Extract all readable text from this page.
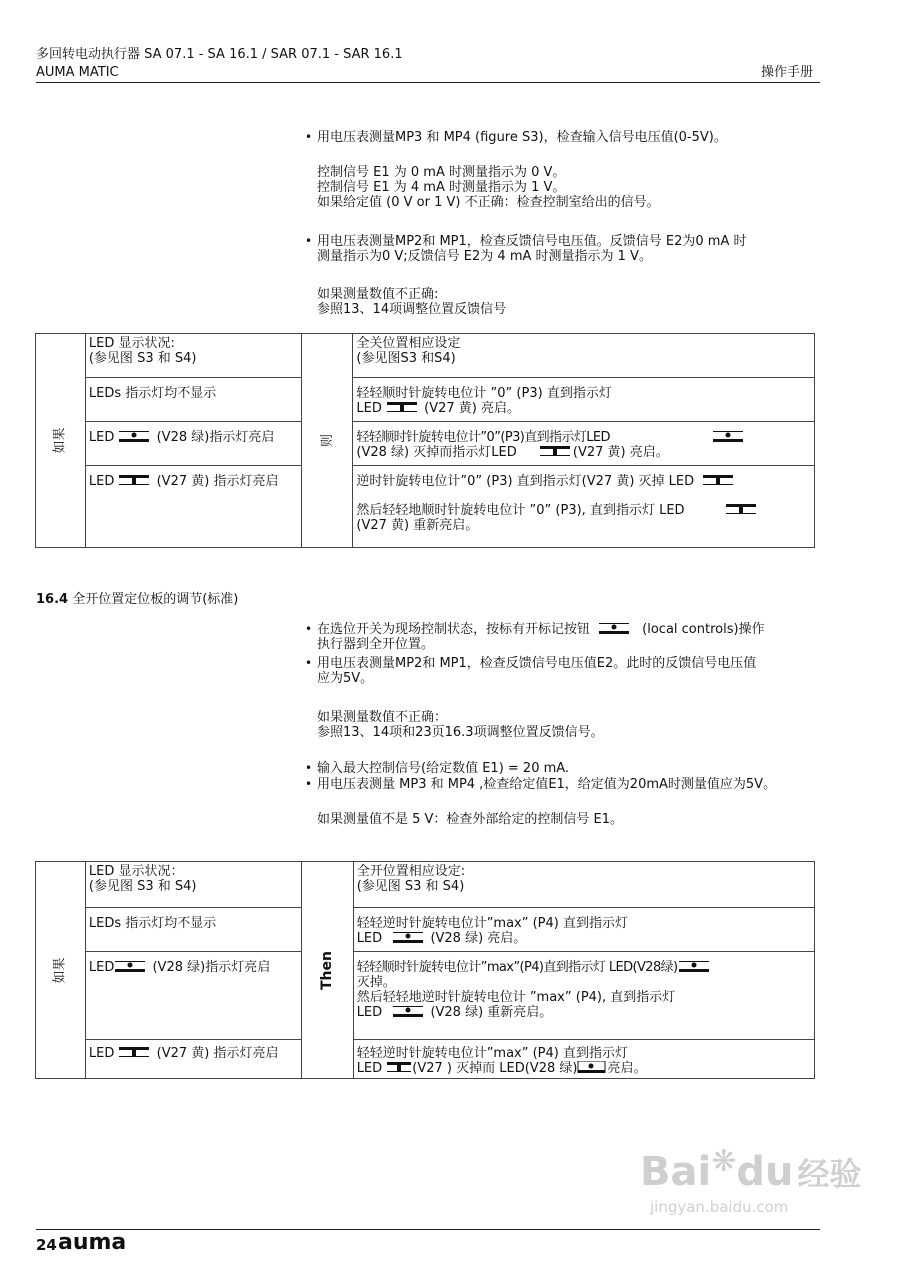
多回转电动执行器 SA 07.1 - SA 16.1 / SAR 07.1 - SAR 16.1
AUMA MATIC	操作手册
• 用电压表测量MP3 和 MP4 (figure S3)，检查输入信号电压值(0-5V)。
控制信号 E1 为 0 mA 时测量指示为 0 V。
控制信号 E1 为 4 mA 时测量指示为 1 V。
如果给定值 (0 V or 1 V) 不正确：检查控制室给出的信号。
• 用电压表测量MP2和 MP1，检查反馈信号电压值。反馈信号 E2为0 mA 时
测量指示为0 V;反馈信号 E2为 4 mA 时测量指示为 1 V。
如果测量数值不正确:
参照13、14项调整位置反馈信号
如果	LED 显示状况:
(参见图 S3 和 S4)	则	全关位置相应设定
(参见图S3 和S4)

	LEDs 指示灯均不显示		轻轻顺时针旋转电位计 ”0” (P3) 直到指示灯
LED (V27 黄) 亮启。

	LED (V28 绿)指示灯亮启		轻轻顺时针旋转电位计”0”(P3)直到指示灯LED
(V28 绿) 灭掉而指示灯LED (V27 黄) 亮启。

	LED (V27 黄) 指示灯亮启		逆时针旋转电位计”0” (P3) 直到指示灯(V27 黄) 灭掉 LED
然后轻轻地顺时针旋转电位计 ”0” (P3), 直到指示灯 LED
(V27 黄) 重新亮启。
16.4 全开位置定位板的调节(标准)
• 在选位开关为现场控制状态，按标有开标记按钮	(local controls)操作
执行器到全开位置。
• 用电压表测量MP2和 MP1，检查反馈信号电压值E2。此时的反馈信号电压值
应为5V。
如果测量数值不正确：
参照13、14项和23页16.3项调整位置反馈信号。
• 输入最大控制信号(给定数值 E1) = 20 mA.
• 用电压表测量 MP3 和 MP4 ,检查给定值E1，给定值为20mA时测量值应为5V。
如果测量值不是 5 V：检查外部给定的控制信号 E1。
如果	LED 显示状况：
(参见图 S3 和 S4)	Then	全开位置相应设定:
(参见图 S3 和 S4)

	LEDs 指示灯均不显示		轻轻逆时针旋转电位计”max” (P4) 直到指示灯
LED (V28 绿) 亮启。

	LED (V28 绿)指示灯亮启		轻轻顺时针旋转电位计”max”(P4)直到指示灯 LED(V28绿)
灭掉。
然后轻轻地逆时针旋转电位计 ”max” (P4), 直到指示灯
LED (V28 绿) 重新亮启。

	LED (V27 黄) 指示灯亮启		轻轻逆时针旋转电位计”max” (P4) 直到指示灯
LED (V27 ) 灭掉而 LED(V28 绿) 亮启。
Bai❋du 经验
jingyan.baidu.com
24 auma
